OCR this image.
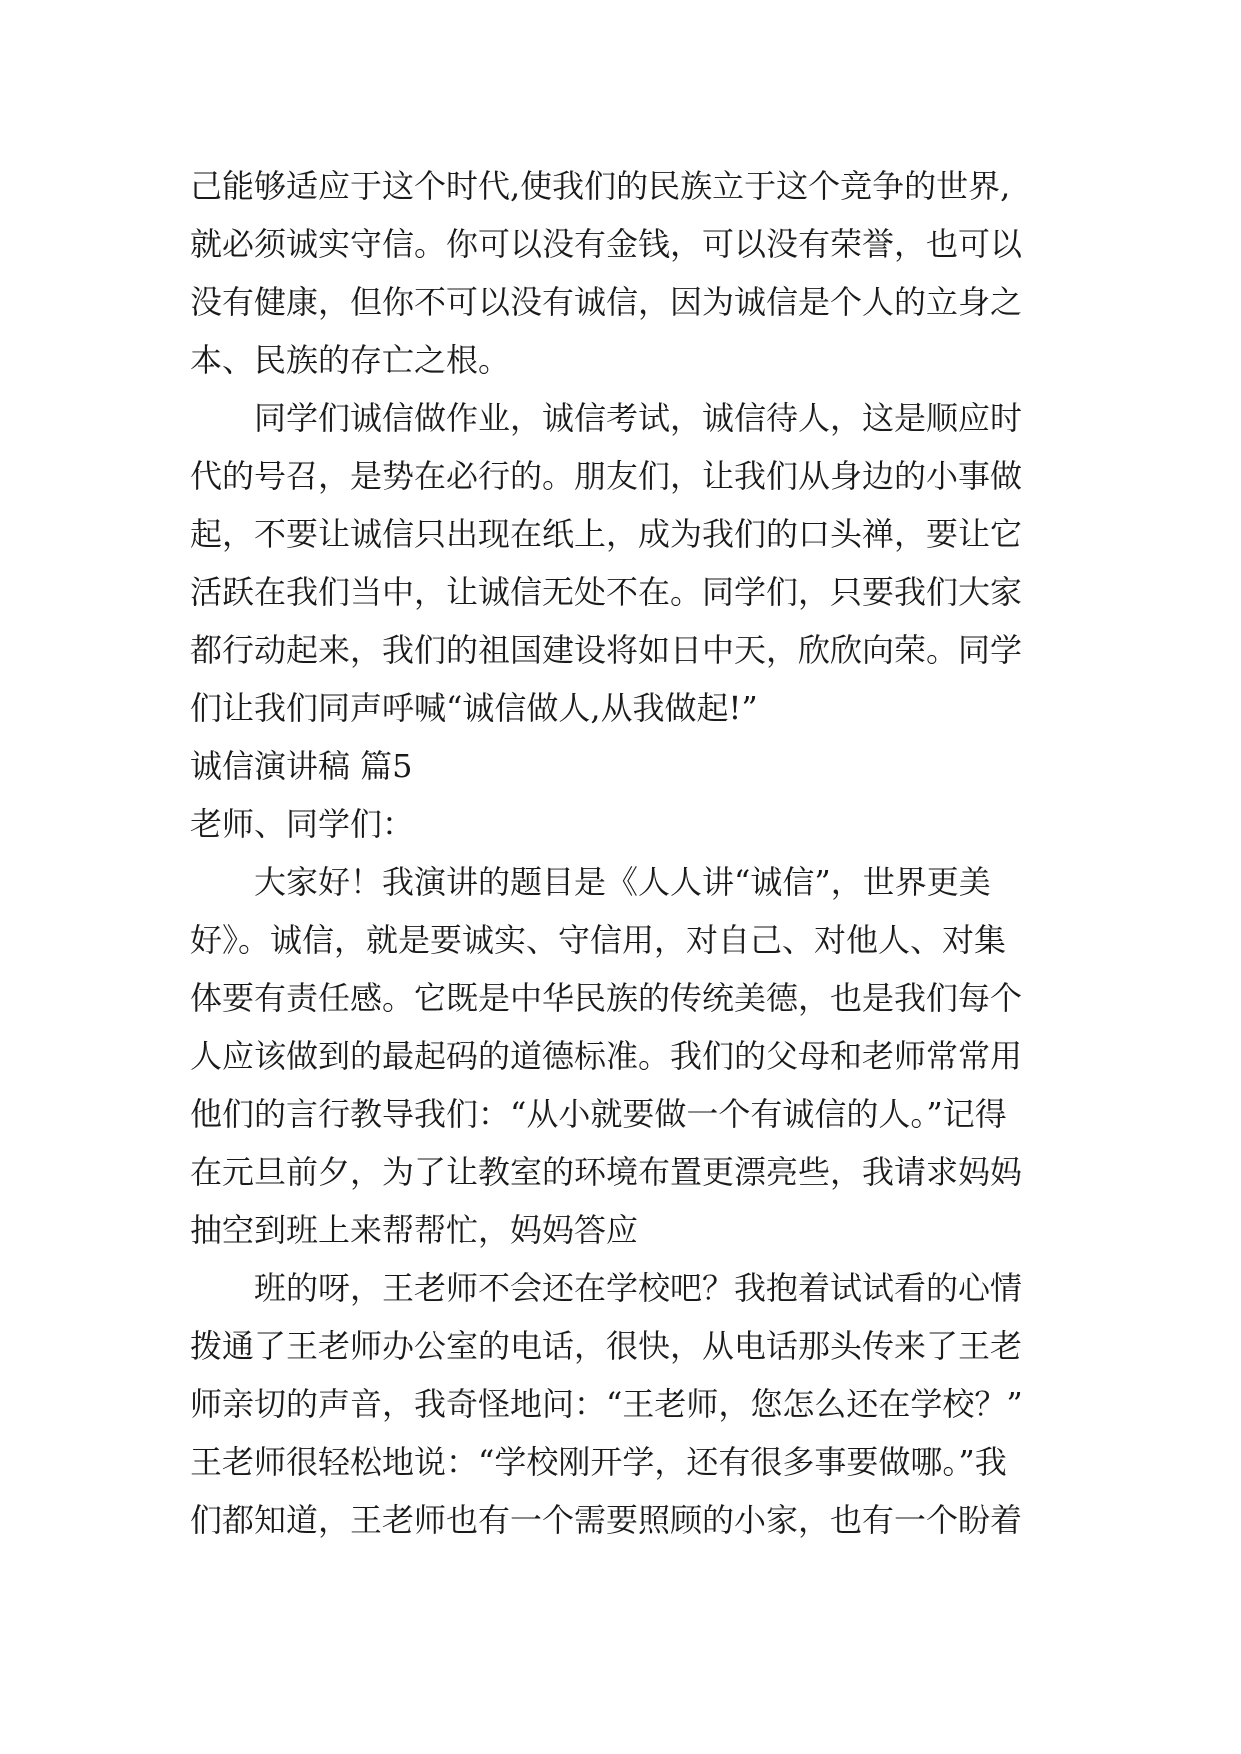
己能够适应于这个时代,使我们的民族立于这个竞争的世界,
就必须诚实守信。你可以没有金钱，可以没有荣誉，也可以
没有健康，但你不可以没有诚信，因为诚信是个人的立身之
本、民族的存亡之根。
同学们诚信做作业，诚信考试，诚信待人，这是顺应时
代的号召，是势在必行的。朋友们，让我们从身边的小事做
起，不要让诚信只出现在纸上，成为我们的口头禅，要让它
活跃在我们当中，让诚信无处不在。同学们，只要我们大家
都行动起来，我们的祖国建设将如日中天，欣欣向荣。同学
们让我们同声呼喊“诚信做人,从我做起!”
诚信演讲稿 篇5
老师、同学们：
大家好！我演讲的题目是《人人讲“诚信”，世界更美
好》。诚信，就是要诚实、守信用，对自己、对他人、对集
体要有责任感。它既是中华民族的传统美德，也是我们每个
人应该做到的最起码的道德标准。我们的父母和老师常常用
他们的言行教导我们：“从小就要做一个有诚信的人。”记得
在元旦前夕，为了让教室的环境布置更漂亮些，我请求妈妈
抽空到班上来帮帮忙，妈妈答应
班的呀，王老师不会还在学校吧？我抱着试试看的心情
拨通了王老师办公室的电话，很快，从电话那头传来了王老
师亲切的声音，我奇怪地问：“王老师，您怎么还在学校？”
王老师很轻松地说：“学校刚开学，还有很多事要做哪。”我
们都知道，王老师也有一个需要照顾的小家，也有一个盼着
